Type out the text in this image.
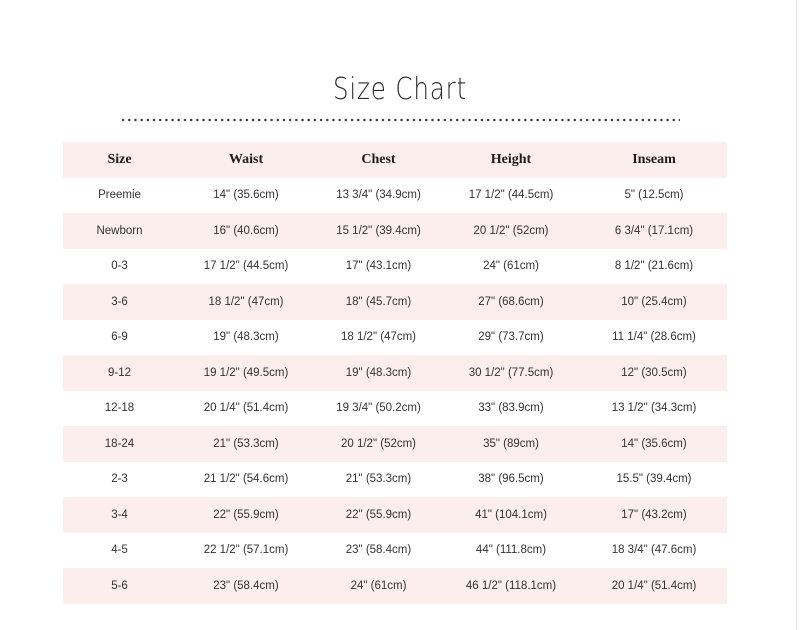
Size Chart
Size	Waist	Chest	Height	Inseam
Preemie	14" (35.6cm)	13 3/4" (34.9cm)	17 1/2" (44.5cm)	5" (12.5cm)
Newborn	16" (40.6cm)	15 1/2" (39.4cm)	20 1/2" (52cm)	6 3/4" (17.1cm)
0-3	17 1/2" (44.5cm)	17" (43.1cm)	24" (61cm)	8 1/2" (21.6cm)
3-6	18 1/2" (47cm)	18" (45.7cm)	27" (68.6cm)	10" (25.4cm)
6-9	19" (48.3cm)	18 1/2" (47cm)	29" (73.7cm)	11 1/4" (28.6cm)
9-12	19 1/2" (49.5cm)	19" (48.3cm)	30 1/2" (77.5cm)	12" (30.5cm)
12-18	20 1/4" (51.4cm)	19 3/4" (50.2cm)	33" (83.9cm)	13 1/2" (34.3cm)
18-24	21" (53.3cm)	20 1/2" (52cm)	35" (89cm)	14" (35.6cm)
2-3	21 1/2" (54.6cm)	21" (53.3cm)	38" (96.5cm)	15.5" (39.4cm)
3-4	22" (55.9cm)	22" (55.9cm)	41" (104.1cm)	17" (43.2cm)
4-5	22 1/2" (57.1cm)	23" (58.4cm)	44" (111.8cm)	18 3/4" (47.6cm)
5-6	23" (58.4cm)	24" (61cm)	46 1/2" (118.1cm)	20 1/4" (51.4cm)
